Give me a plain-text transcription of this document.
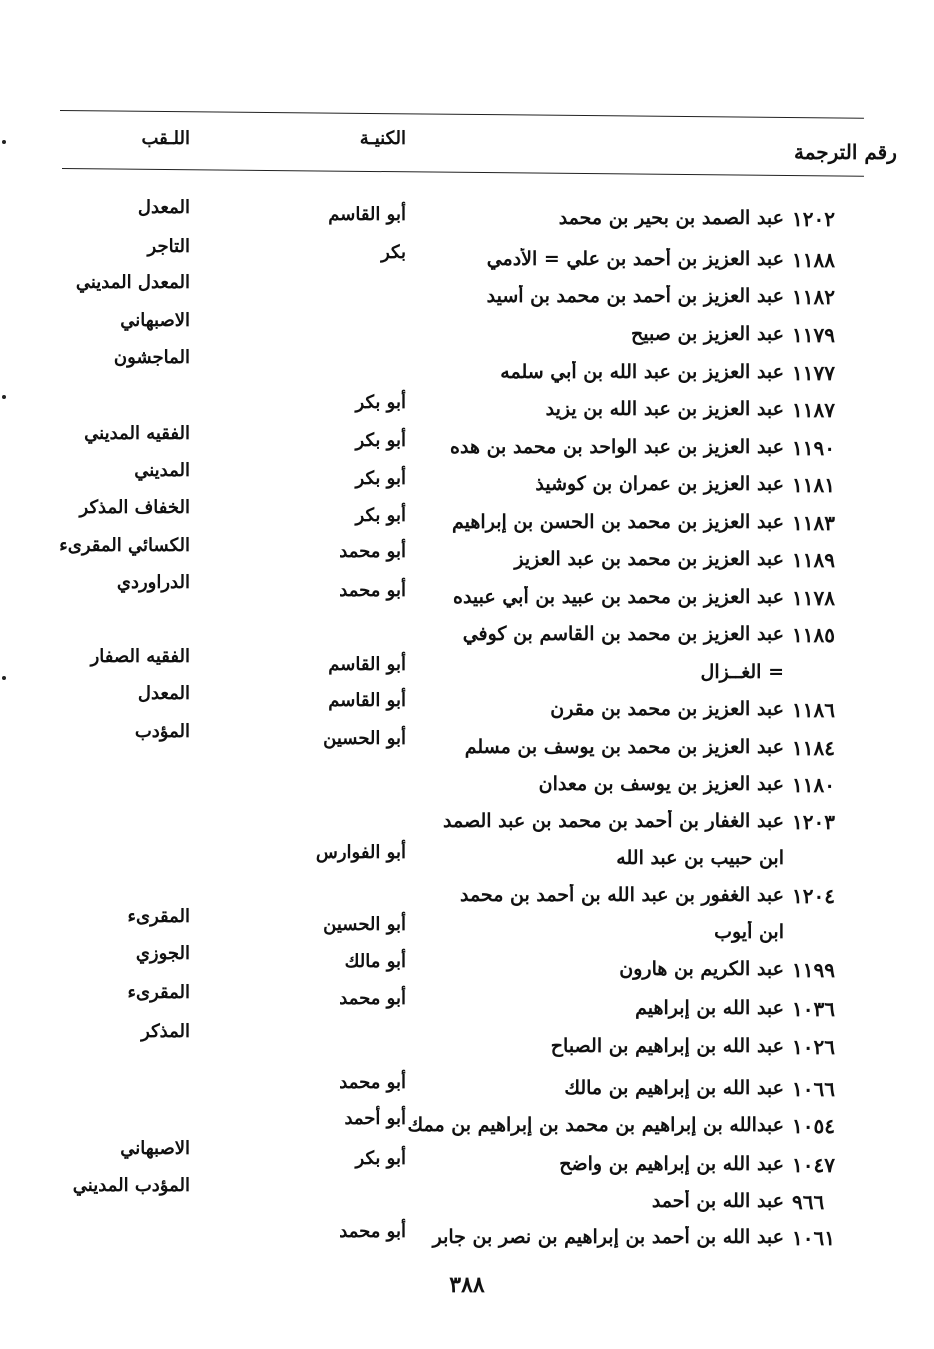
رقم الترجمة
الكنيـة
اللـقب
١٢٠٢
عبد الصمد بن بحير بن محمد
أبو القاسم
المعدل
١١٨٨
عبد العزيز بن أحمد بن علي = الأدمي
بكر
التاجر
١١٨٢
عبد العزيز بن أحمد بن محمد بن أسيد
المعدل المديني
١١٧٩
عبد العزيز بن صبيح
الاصبهاني
١١٧٧
عبد العزيز بن عبد الله بن أبي سلمه
الماجشون
١١٨٧
عبد العزيز بن عبد الله بن يزيد
أبو بكر
١١٩٠
عبد العزيز بن عبد الواحد بن محمد بن هده
أبو بكر
الفقيه المديني
١١٨١
عبد العزيز بن عمران بن كوشيذ
أبو بكر
المديني
١١٨٣
عبد العزيز بن محمد بن الحسن بن إبراهيم
أبو بكر
الخفاف المذكر
١١٨٩
عبد العزيز بن محمد بن عبد العزيز
أبو محمد
الكسائي المقرىء
١١٧٨
عبد العزيز بن محمد بن عبيد بن أبي عبيده
أبو محمد
الدراوردي
١١٨٥
عبد العزيز بن محمد بن القاسم بن كوفي
= الغــزال
أبو القاسم
الفقيه الصفار
١١٨٦
عبد العزيز بن محمد بن مقرن
أبو القاسم
المعدل
١١٨٤
عبد العزيز بن محمد بن يوسف بن مسلم
أبو الحسين
المؤدب
١١٨٠
عبد العزيز بن يوسف بن معدان
١٢٠٣
عبد الغفار بن أحمد بن محمد بن عبد الصمد
ابن حبيب بن عبد الله
أبو الفوارس
١٢٠٤
عبد الغفور بن عبد الله بن أحمد بن محمد
ابن أيوب
أبو الحسين
المقرىء
١١٩٩
عبد الكريم بن هارون
أبو مالك
الجوزي
١٠٣٦
عبد الله بن إبراهيم
أبو محمد
المقرىء
١٠٢٦
عبد الله بن إبراهيم بن الصباح
المذكر
١٠٦٦
عبد الله بن إبراهيم بن مالك
أبو محمد
١٠٥٤
عبدالله بن إبراهيم بن محمد بن إبراهيم بن ممك
أبو أحمد
١٠٤٧
عبد الله بن إبراهيم بن واضح
أبو بكر
الاصبهاني
٩٦٦
عبد الله بن أحمد
المؤدب المديني
١٠٦١
عبد الله بن أحمد بن إبراهيم بن نصر بن جابر
أبو محمد
٣٨٨
